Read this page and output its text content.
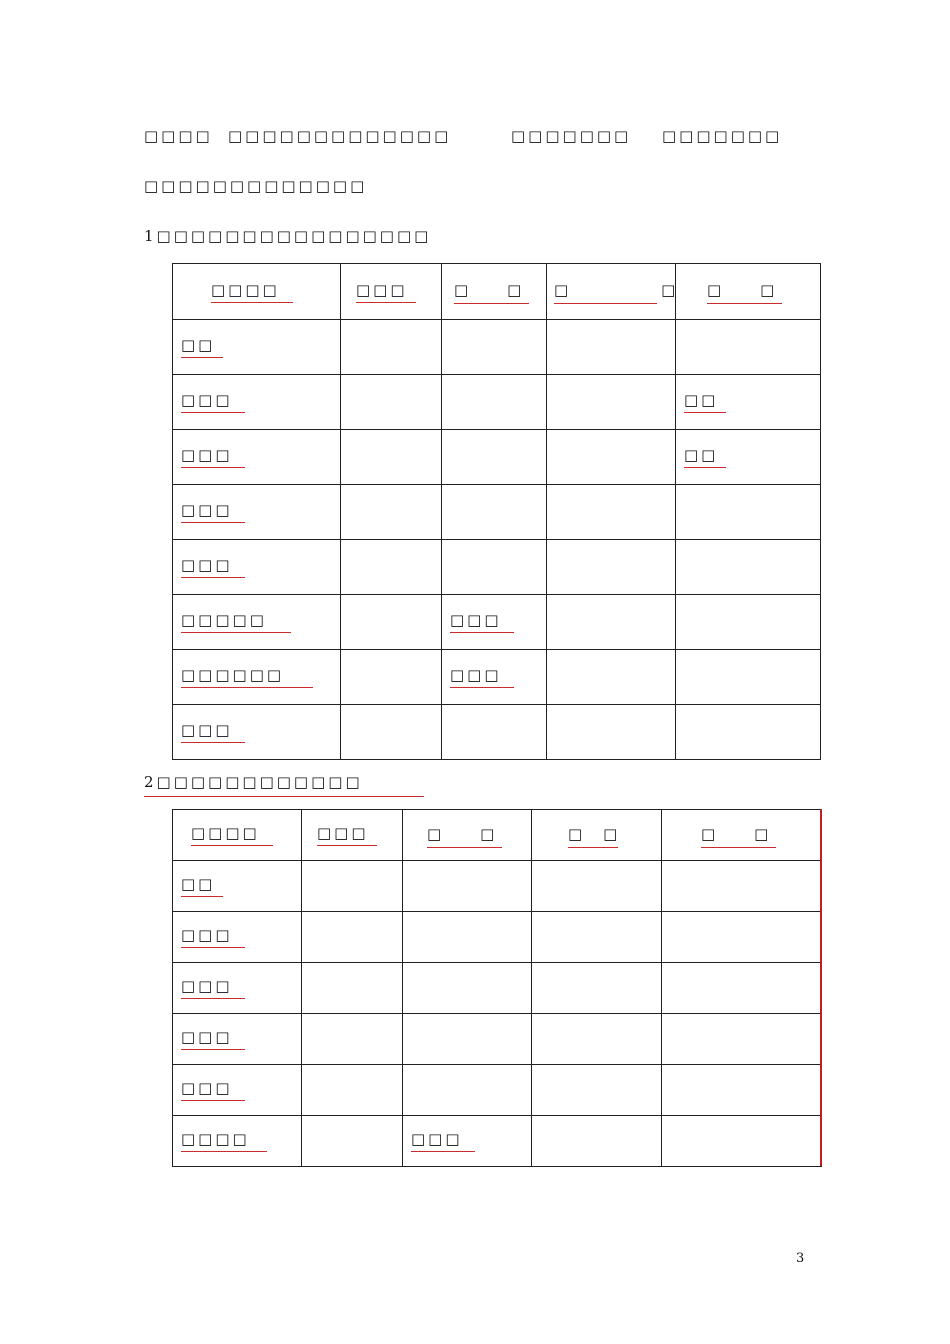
□□□□ □□□□□□□□□□□□□	□□□□□□□ □□□□□□□
□□□□□□□□□□□□□
1□□□□□□□□□□□□□□□□
□□□□	□□□	□　　□	□　　　　　□	□　　□
□□				
□□□				□□
□□□				□□
□□□				
□□□				
□□□□□		□□□		
□□□□□□		□□□		
□□□				
2□□□□□□□□□□□□
□□□□	□□□	□　　□	□　□	□　　□
□□				
□□□				
□□□				
□□□				
□□□				
□□□□		□□□		
3
